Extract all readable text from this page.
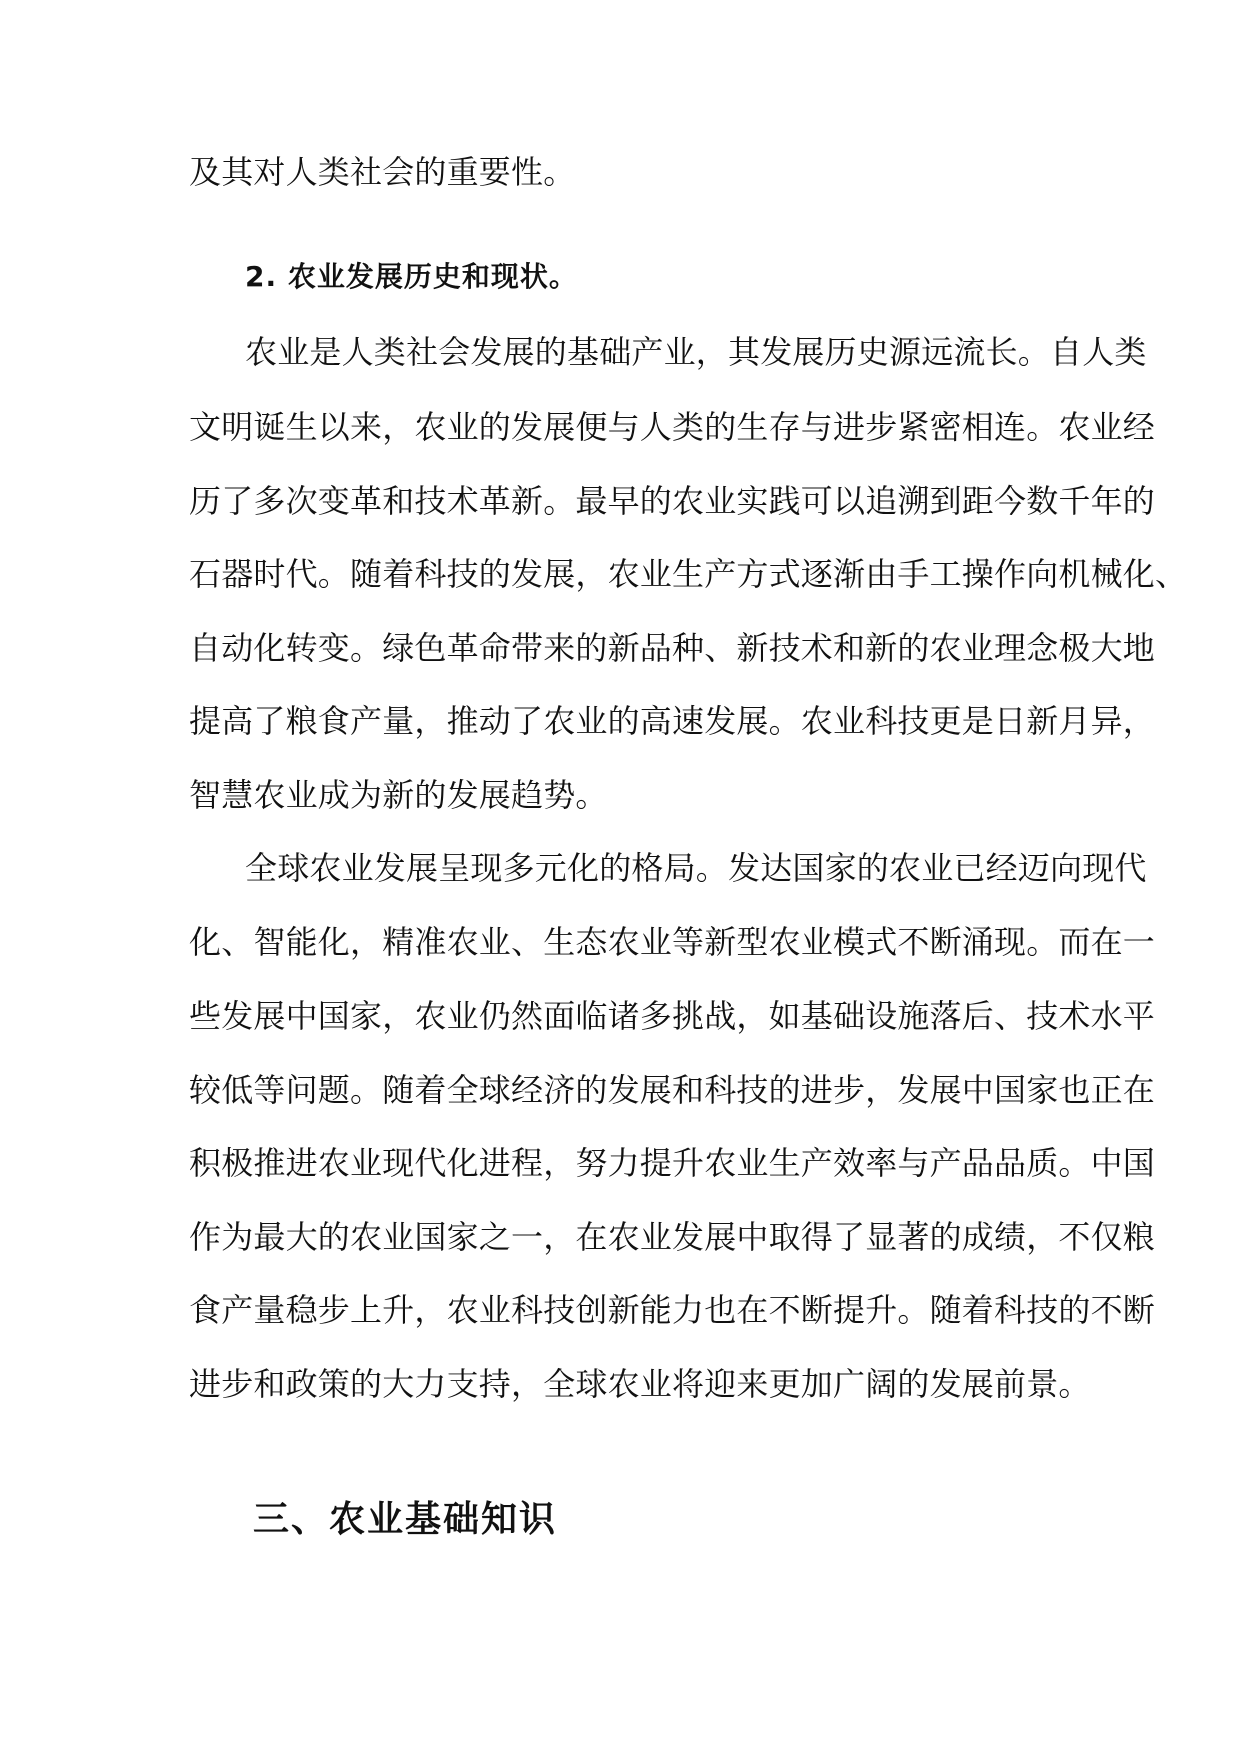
及其对人类社会的重要性。
2. 农业发展历史和现状。
农业是人类社会发展的基础产业，其发展历史源远流长。自人类
文明诞生以来，农业的发展便与人类的生存与进步紧密相连。农业经
历了多次变革和技术革新。最早的农业实践可以追溯到距今数千年的
石器时代。随着科技的发展，农业生产方式逐渐由手工操作向机械化、
自动化转变。绿色革命带来的新品种、新技术和新的农业理念极大地
提高了粮食产量，推动了农业的高速发展。农业科技更是日新月异，
智慧农业成为新的发展趋势。
全球农业发展呈现多元化的格局。发达国家的农业已经迈向现代
化、智能化，精准农业、生态农业等新型农业模式不断涌现。而在一
些发展中国家，农业仍然面临诸多挑战，如基础设施落后、技术水平
较低等问题。随着全球经济的发展和科技的进步，发展中国家也正在
积极推进农业现代化进程，努力提升农业生产效率与产品品质。中国
作为最大的农业国家之一，在农业发展中取得了显著的成绩，不仅粮
食产量稳步上升，农业科技创新能力也在不断提升。随着科技的不断
进步和政策的大力支持，全球农业将迎来更加广阔的发展前景。
三、农业基础知识
